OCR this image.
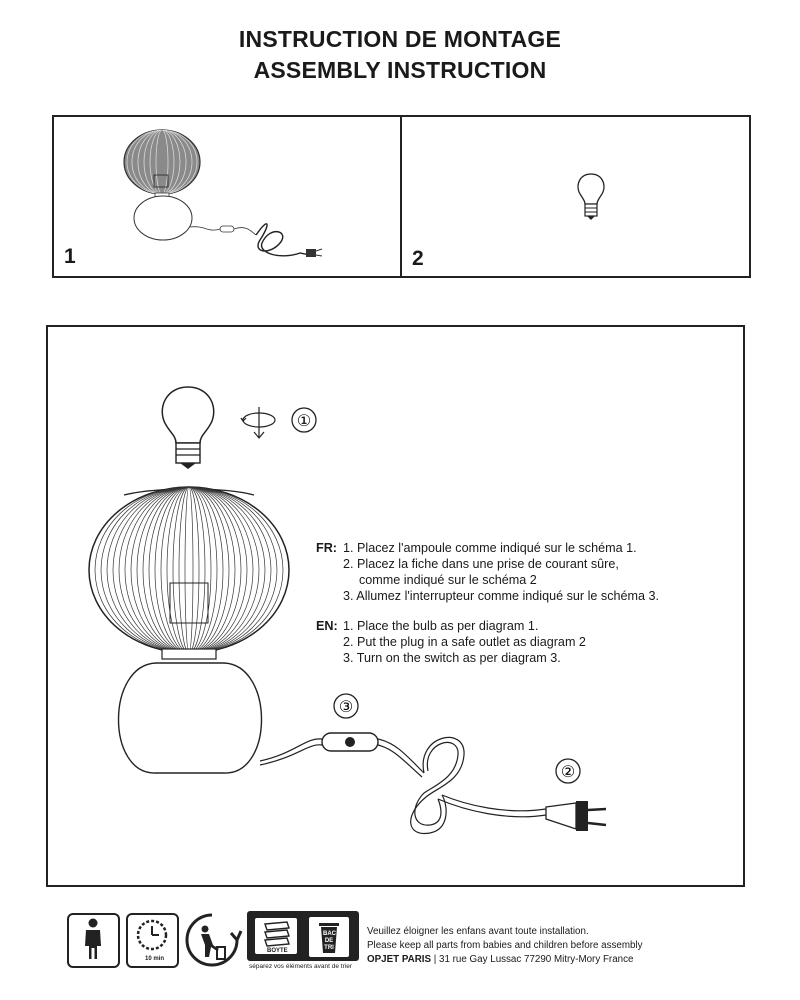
INSTRUCTION DE MONTAGE
ASSEMBLY INSTRUCTION
1	2
①
②
③
FR: 1. Placez l'ampoule comme indiqué sur le schéma 1.
2. Placez la fiche dans une prise de courant sûre,
comme indiqué sur le schéma 2
3. Allumez l'interrupteur comme indiqué sur le schéma 3.
EN: 1. Place the bulb as per diagram 1.
2. Put the plug in a safe outlet as diagram 2
3. Turn on the switch as per diagram 3.
10 min
BOYTE
BAC DE TRI
séparez vos éléments avant de trier
Veuillez éloigner les enfans avant toute installation.
Please keep all parts from babies and children before assembly
OPJET PARIS | 31 rue Gay Lussac 77290 Mitry-Mory France
